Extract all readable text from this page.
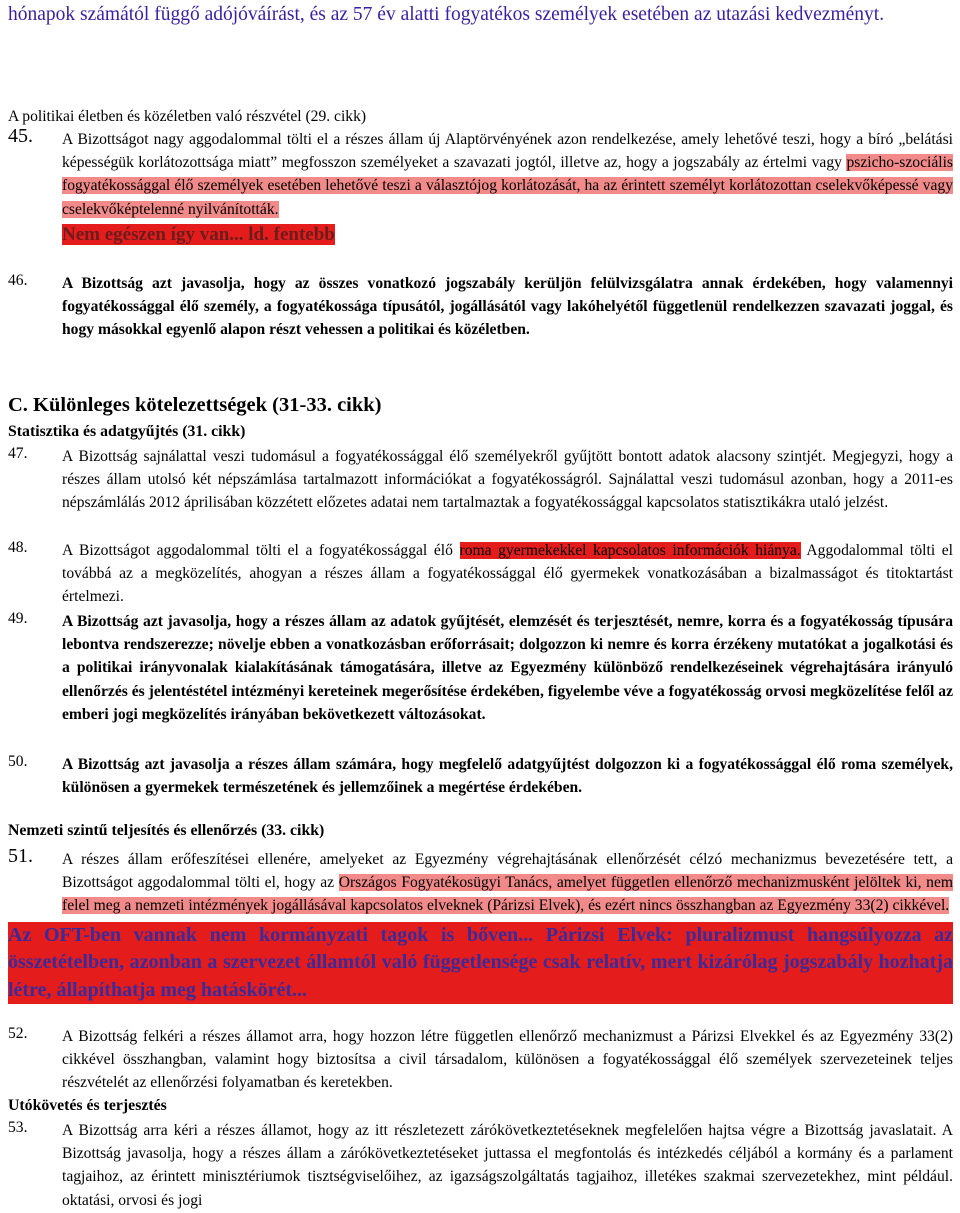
hónapok számától függő adójóváírást, és az 57 év alatti fogyatékos személyek esetében az utazási kedvezményt.

A politikai életben és közéletben való részvétel (29. cikk)

45. A Bizottságot nagy aggodalommal tölti el a részes állam új Alaptörvényének azon rendelkezése, amely lehetővé teszi, hogy a bíró „belátási képességük korlátozottsága miatt” megfosszon személyeket a szavazati jogtól, illetve az, hogy a jogszabály az értelmi vagy pszicho-szociális fogyatékossággal élő személyek esetében lehetővé teszi a választójog korlátozását, ha az érintett személyt korlátozottan cselekvőképessé vagy cselekvőképtelenné nyilvánították.

Nem egészen így van... ld. fentebb
46. A Bizottság azt javasolja, hogy az összes vonatkozó jogszabály kerüljön felülvizsgálatra annak érdekében, hogy valamennyi fogyatékossággal élő személy, a fogyatékossága típusától, jogállásától vagy lakóhelyétől függetlenül rendelkezzen szavazati joggal, és hogy másokkal egyenlő alapon részt vehessen a politikai és közéletben.

C. Különleges kötelezettségek (31-33. cikk)

Statisztika és adatgyűjtés (31. cikk)

47. A Bizottság sajnálattal veszi tudomásul a fogyatékossággal élő személyekről gyűjtött bontott adatok alacsony szintjét. Megjegyzi, hogy a részes állam utolsó két népszámlása tartalmazott információkat a fogyatékosságról. Sajnálattal veszi tudomásul azonban, hogy a 2011-es népszámlálás 2012 áprilisában közzétett előzetes adatai nem tartalmaztak a fogyatékossággal kapcsolatos statisztikákra utaló jelzést.

48. A Bizottságot aggodalommal tölti el a fogyatékossággal élő roma gyermekekkel kapcsolatos információk hiánya. Aggodalommal tölti el továbbá az a megközelítés, ahogyan a részes állam a fogyatékossággal élő gyermekek vonatkozásában a bizalmasságot és titoktartást értelmezi.

49. A Bizottság azt javasolja, hogy a részes állam az adatok gyűjtését, elemzését és terjesztését, nemre, korra és a fogyatékosság típusára lebontva rendszerezze; növelje ebben a vonatkozásban erőforrásait; dolgozzon ki nemre és korra érzékeny mutatókat a jogalkotási és a politikai irányvonalak kialakításának támogatására, illetve az Egyezmény különböző rendelkezéseinek végrehajtására irányuló ellenőrzés és jelentéstétel intézményi kereteinek megerősítése érdekében, figyelembe véve a fogyatékosság orvosi megközelítése felől az emberi jogi megközelítés irányában bekövetkezett változásokat.

50. A Bizottság azt javasolja a részes állam számára, hogy megfelelő adatgyűjtést dolgozzon ki a fogyatékossággal élő roma személyek, különösen a gyermekek természetének és jellemzőinek a megértése érdekében.

Nemzeti szintű teljesítés és ellenőrzés (33. cikk)

51. A részes állam erőfeszítései ellenére, amelyeket az Egyezmény végrehajtásának ellenőrzését célzó mechanizmus bevezetésére tett, a Bizottságot aggodalommal tölti el, hogy az Országos Fogyatékosügyi Tanács, amelyet független ellenőrző mechanizmusként jelöltek ki, nem felel meg a nemzeti intézmények jogállásával kapcsolatos elveknek (Párizsi Elvek), és ezért nincs összhangban az Egyezmény 33(2) cikkével.

Az OFT-ben vannak nem kormányzati tagok is bőven... Párizsi Elvek: pluralizmust hangsúlyozza az összetételben, azonban a szervezet államtól való függetlensége csak relatív, mert kizárólag jogszabály hozhatja létre, állapíthatja meg hatáskörét...

52. A Bizottság felkéri a részes államot arra, hogy hozzon létre független ellenőrző mechanizmust a Párizsi Elvekkel és az Egyezmény 33(2) cikkével összhangban, valamint hogy biztosítsa a civil társadalom, különösen a fogyatékossággal élő személyek szervezeteinek teljes részvételét az ellenőrzési folyamatban és keretekben.

Utókövetés és terjesztés

53. A Bizottság arra kéri a részes államot, hogy az itt részletezett zárókövetkeztetéseknek megfelelően hajtsa végre a Bizottság javaslatait. A Bizottság javasolja, hogy a részes állam a zárókövetkeztetéseket juttassa el megfontolás és intézkedés céljából a kormány és a parlament tagjaihoz, az érintett minisztériumok tisztségviselőihez, az igazságszolgáltatás tagjaihoz, illetékes szakmai szervezetekhez, mint például. oktatási, orvosi és jogi
